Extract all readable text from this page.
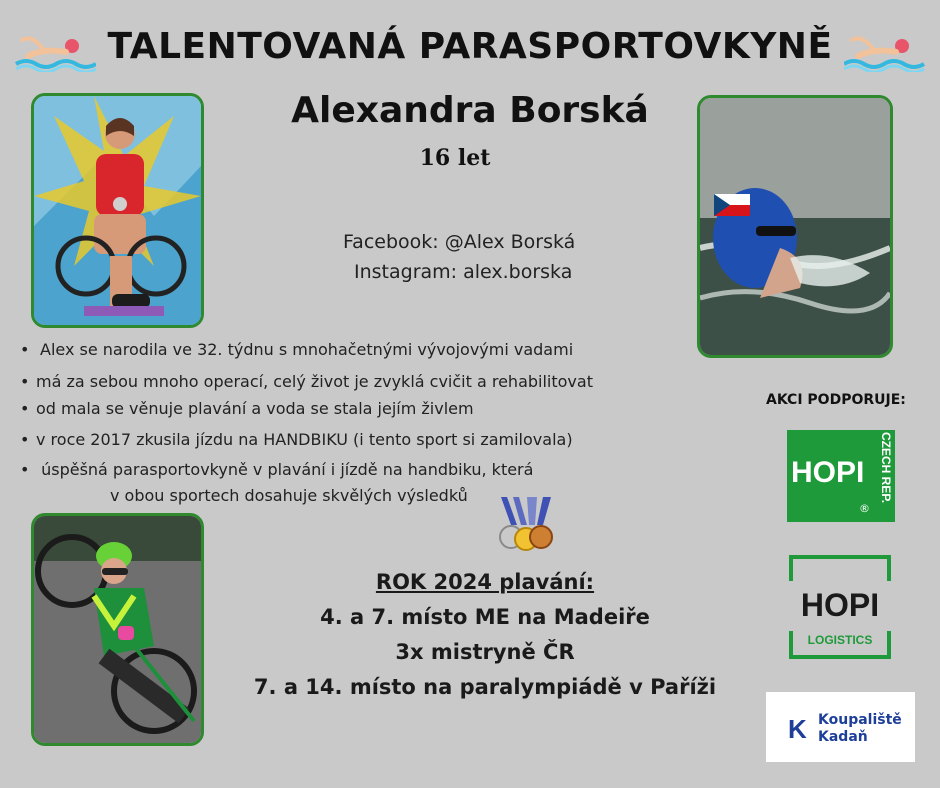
TALENTOVANÁ PARASPORTOVKYNĚ
Alexandra Borská
16 let
Facebook: @Alex Borská
Instagram: alex.borska
• Alex se narodila ve 32. týdnu s mnohačetnými vývojovými vadami
• má za sebou mnoho operací, celý život je zvyklá cvičit a rehabilitovat
• od mala se věnuje plavání a voda se stala jejím živlem
• v roce 2017 zkusila jízdu na HANDBIKU (i tento sport si zamilovala)
• úspěšná parasportovkyně v plavání i jízdě na handbiku, která
v obou sportech dosahuje skvělých výsledků
ROK 2024 plavání:
4. a 7. místo ME na Madeiře
3x mistryně ČR
7. a 14. místo na paralympiádě v Paříži
AKCI PODPORUJE:
HOPI	CZECH REP.
®
HOPI
LOGISTICS
K Koupaliště
Kadaň
